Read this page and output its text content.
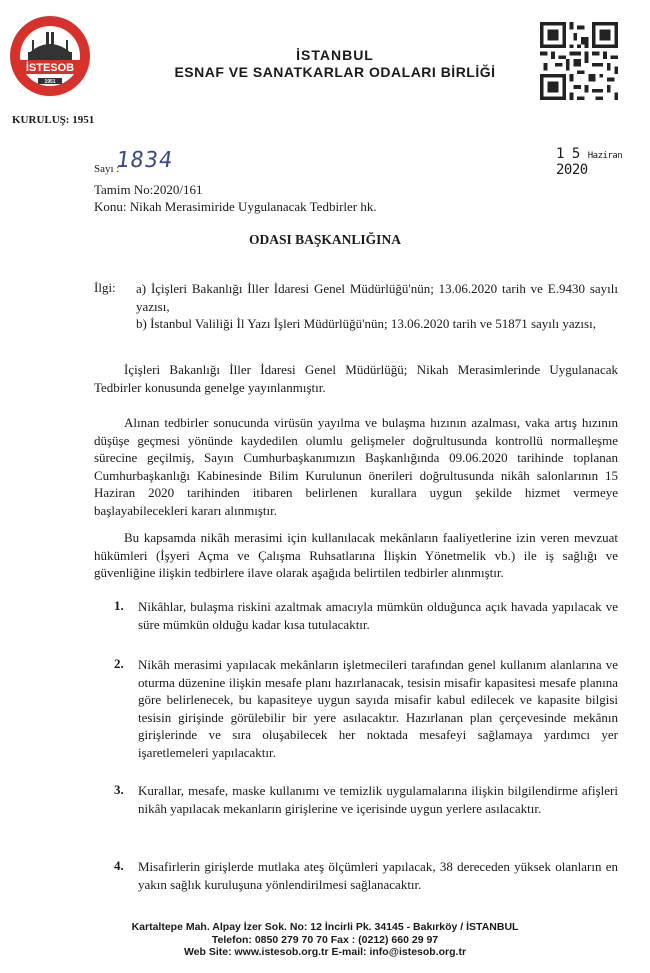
İSTESOB
1951
KURULUŞ: 1951
İSTANBUL
ESNAF VE SANATKARLAR ODALARI BİRLİĞİ
Sayı :
1834	1 5 Haziran 2020
Tamim No:2020/161
Konu: Nikah Merasimiride Uygulanacak Tedbirler hk.
ODASI BAŞKANLIĞINA
İlgi: a) İçişleri Bakanlığı İller İdaresi Genel Müdürlüğü'nün; 13.06.2020 tarih ve E.9430 sayılı yazısı,
b) İstanbul Valiliği İl Yazı İşleri Müdürlüğü'nün; 13.06.2020 tarih ve 51871 sayılı yazısı,
İçişleri Bakanlığı İller İdaresi Genel Müdürlüğü; Nikah Merasimlerinde Uygulanacak Tedbirler konusunda genelge yayınlanmıştır.
Alınan tedbirler sonucunda virüsün yayılma ve bulaşma hızının azalması, vaka artış hızının düşüşe geçmesi yönünde kaydedilen olumlu gelişmeler doğrultusunda kontrollü normalleşme sürecine geçilmiş, Sayın Cumhurbaşkanımızın Başkanlığında 09.06.2020 tarihinde toplanan Cumhurbaşkanlığı Kabinesinde Bilim Kurulunun önerileri doğrultusunda nikâh salonlarının 15 Haziran 2020 tarihinden itibaren belirlenen kurallara uygun şekilde hizmet vermeye başlayabilecekleri kararı alınmıştır.
Bu kapsamda nikâh merasimi için kullanılacak mekânların faaliyetlerine izin veren mevzuat hükümleri (İşyeri Açma ve Çalışma Ruhsatlarına İlişkin Yönetmelik vb.) ile iş sağlığı ve güvenliğine ilişkin tedbirlere ilave olarak aşağıda belirtilen tedbirler alınmıştır.
1. Nikâhlar, bulaşma riskini azaltmak amacıyla mümkün olduğunca açık havada yapılacak ve süre mümkün olduğu kadar kısa tutulacaktır.
2. Nikâh merasimi yapılacak mekânların işletmecileri tarafından genel kullanım alanlarına ve oturma düzenine ilişkin mesafe planı hazırlanacak, tesisin misafir kapasitesi mesafe planına göre belirlenecek, bu kapasiteye uygun sayıda misafir kabul edilecek ve kapasite bilgisi tesisin girişinde görülebilir bir yere asılacaktır. Hazırlanan plan çerçevesinde mekânın girişlerinde ve sıra oluşabilecek her noktada mesafeyi sağlamaya yardımcı yer işaretlemeleri yapılacaktır.
3. Kurallar, mesafe, maske kullanımı ve temizlik uygulamalarına ilişkin bilgilendirme afişleri nikâh yapılacak mekanların girişlerine ve içerisinde uygun yerlere asılacaktır.
4. Misafirlerin girişlerde mutlaka ateş ölçümleri yapılacak, 38 dereceden yüksek olanların en yakın sağlık kuruluşuna yönlendirilmesi sağlanacaktır.
Kartaltepe Mah. Alpay İzer Sok. No: 12 İncirli Pk. 34145 - Bakırköy / İSTANBUL
Telefon: 0850 279 70 70 Fax : (0212) 660 29 97
Web Site: www.istesob.org.tr E-mail: info@istesob.org.tr
